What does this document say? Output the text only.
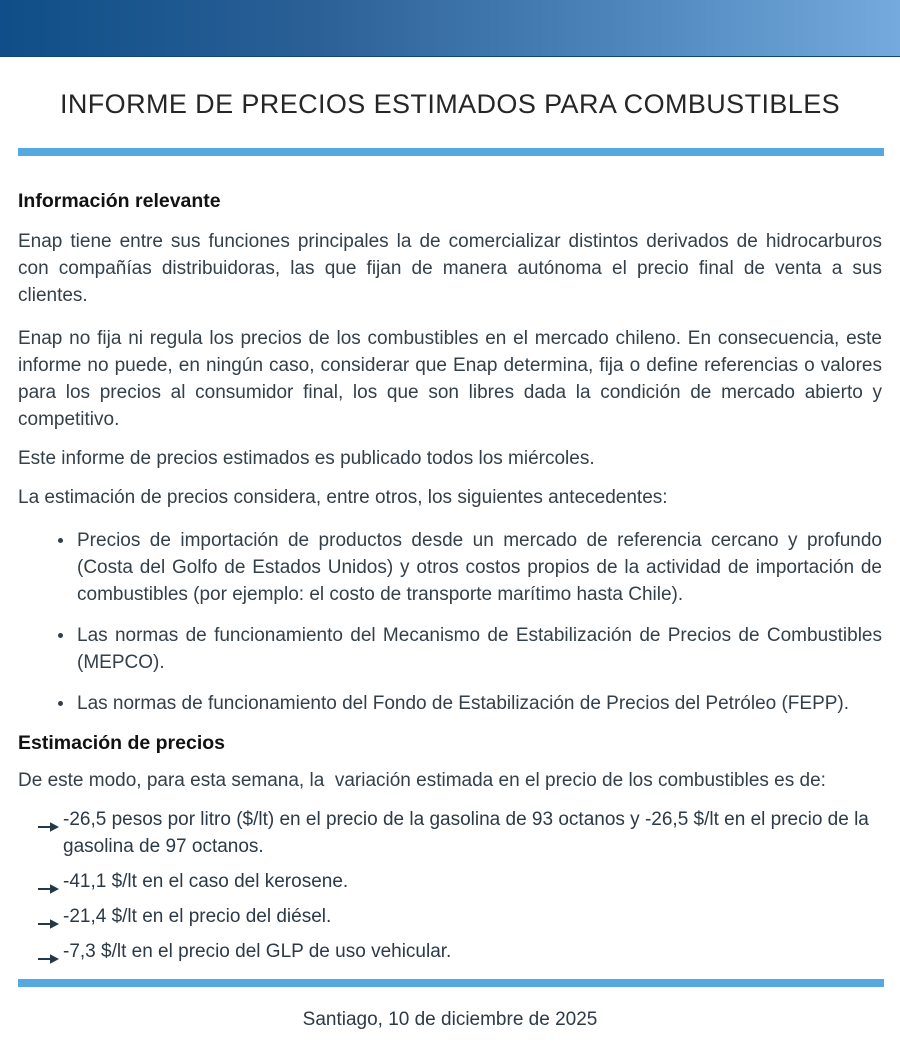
INFORME DE PRECIOS ESTIMADOS PARA COMBUSTIBLES
Información relevante

Enap tiene entre sus funciones principales la de comercializar distintos derivados de hidrocarburos con compañías distribuidoras, las que fijan de manera autónoma el precio final de venta a sus clientes.

Enap no fija ni regula los precios de los combustibles en el mercado chileno. En consecuencia, este informe no puede, en ningún caso, considerar que Enap determina, fija o define referencias o valores para los precios al consumidor final, los que son libres dada la condición de mercado abierto y competitivo.

Este informe de precios estimados es publicado todos los miércoles.

La estimación de precios considera, entre otros, los siguientes antecedentes:

Precios de importación de productos desde un mercado de referencia cercano y profundo (Costa del Golfo de Estados Unidos) y otros costos propios de la actividad de importación de combustibles (por ejemplo: el costo de transporte marítimo hasta Chile).
Las normas de funcionamiento del Mecanismo de Estabilización de Precios de Combustibles (MEPCO).
Las normas de funcionamiento del Fondo de Estabilización de Precios del Petróleo (FEPP).
Estimación de precios

De este modo, para esta semana, la  variación estimada en el precio de los combustibles es de:

-26,5 pesos por litro ($/lt) en el precio de la gasolina de 93 octanos y -26,5 $/lt en el precio de la gasolina de 97 octanos.
-41,1 $/lt en el caso del kerosene.
-21,4 $/lt en el precio del diésel.
-7,3 $/lt en el precio del GLP de uso vehicular.

Santiago, 10 de diciembre de 2025
